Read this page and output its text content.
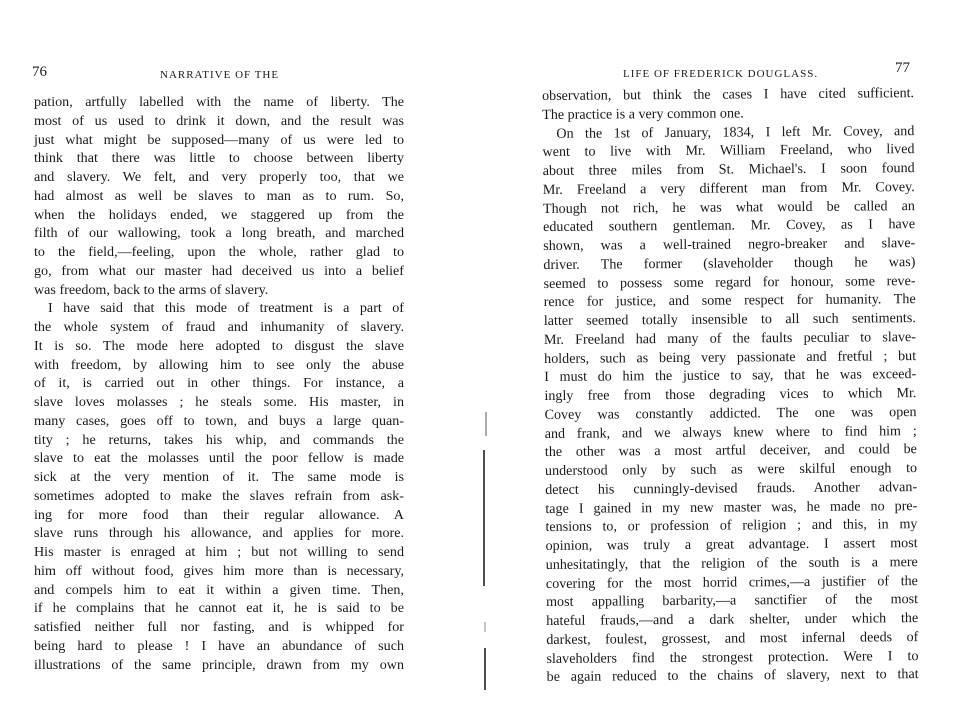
76	NARRATIVE OF THE
pation, artfully labelled with the name of liberty. The
most of us used to drink it down, and the result was
just what might be supposed—many of us were led to
think that there was little to choose between liberty
and slavery. We felt, and very properly too, that we
had almost as well be slaves to man as to rum. So,
when the holidays ended, we staggered up from the
filth of our wallowing, took a long breath, and marched
to the field,—feeling, upon the whole, rather glad to
go, from what our master had deceived us into a belief
was freedom, back to the arms of slavery.
I have said that this mode of treatment is a part of
the whole system of fraud and inhumanity of slavery.
It is so. The mode here adopted to disgust the slave
with freedom, by allowing him to see only the abuse
of it, is carried out in other things. For instance, a
slave loves molasses ; he steals some. His master, in
many cases, goes off to town, and buys a large quan-
tity ; he returns, takes his whip, and commands the
slave to eat the molasses until the poor fellow is made
sick at the very mention of it. The same mode is
sometimes adopted to make the slaves refrain from ask-
ing for more food than their regular allowance. A
slave runs through his allowance, and applies for more.
His master is enraged at him ; but not willing to send
him off without food, gives him more than is necessary,
and compels him to eat it within a given time. Then,
if he complains that he cannot eat it, he is said to be
satisfied neither full nor fasting, and is whipped for
being hard to please ! I have an abundance of such
illustrations of the same principle, drawn from my own
LIFE OF FREDERICK DOUGLASS.	77
observation, but think the cases I have cited sufficient.
The practice is a very common one.
On the 1st of January, 1834, I left Mr. Covey, and
went to live with Mr. William Freeland, who lived
about three miles from St. Michael's. I soon found
Mr. Freeland a very different man from Mr. Covey.
Though not rich, he was what would be called an
educated southern gentleman. Mr. Covey, as I have
shown, was a well-trained negro-breaker and slave-
driver. The former (slaveholder though he was)
seemed to possess some regard for honour, some reve-
rence for justice, and some respect for humanity. The
latter seemed totally insensible to all such sentiments.
Mr. Freeland had many of the faults peculiar to slave-
holders, such as being very passionate and fretful ; but
I must do him the justice to say, that he was exceed-
ingly free from those degrading vices to which Mr.
Covey was constantly addicted. The one was open
and frank, and we always knew where to find him ;
the other was a most artful deceiver, and could be
understood only by such as were skilful enough to
detect his cunningly-devised frauds. Another advan-
tage I gained in my new master was, he made no pre-
tensions to, or profession of religion ; and this, in my
opinion, was truly a great advantage. I assert most
unhesitatingly, that the religion of the south is a mere
covering for the most horrid crimes,—a justifier of the
most appalling barbarity,—a sanctifier of the most
hateful frauds,—and a dark shelter, under which the
darkest, foulest, grossest, and most infernal deeds of
slaveholders find the strongest protection. Were I to
be again reduced to the chains of slavery, next to that
